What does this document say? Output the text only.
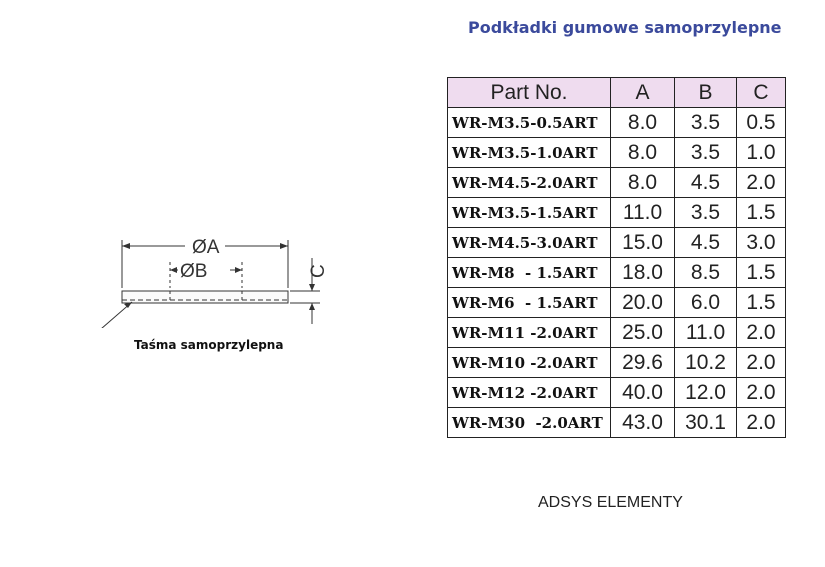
Podkładki gumowe samoprzylepne
ØA
ØB	C
Taśma samoprzylepna
Part No.	A	B	C
WR-M3.5-0.5ART	8.0	3.5	0.5
WR-M3.5-1.0ART	8.0	3.5	1.0
WR-M4.5-2.0ART	8.0	4.5	2.0
WR-M3.5-1.5ART	11.0	3.5	1.5
WR-M4.5-3.0ART	15.0	4.5	3.0
WR-M8  - 1.5ART	18.0	8.5	1.5
WR-M6  - 1.5ART	20.0	6.0	1.5
WR-M11 -2.0ART	25.0	11.0	2.0
WR-M10 -2.0ART	29.6	10.2	2.0
WR-M12 -2.0ART	40.0	12.0	2.0
WR-M30  -2.0ART	43.0	30.1	2.0
ADSYS ELEMENTY
